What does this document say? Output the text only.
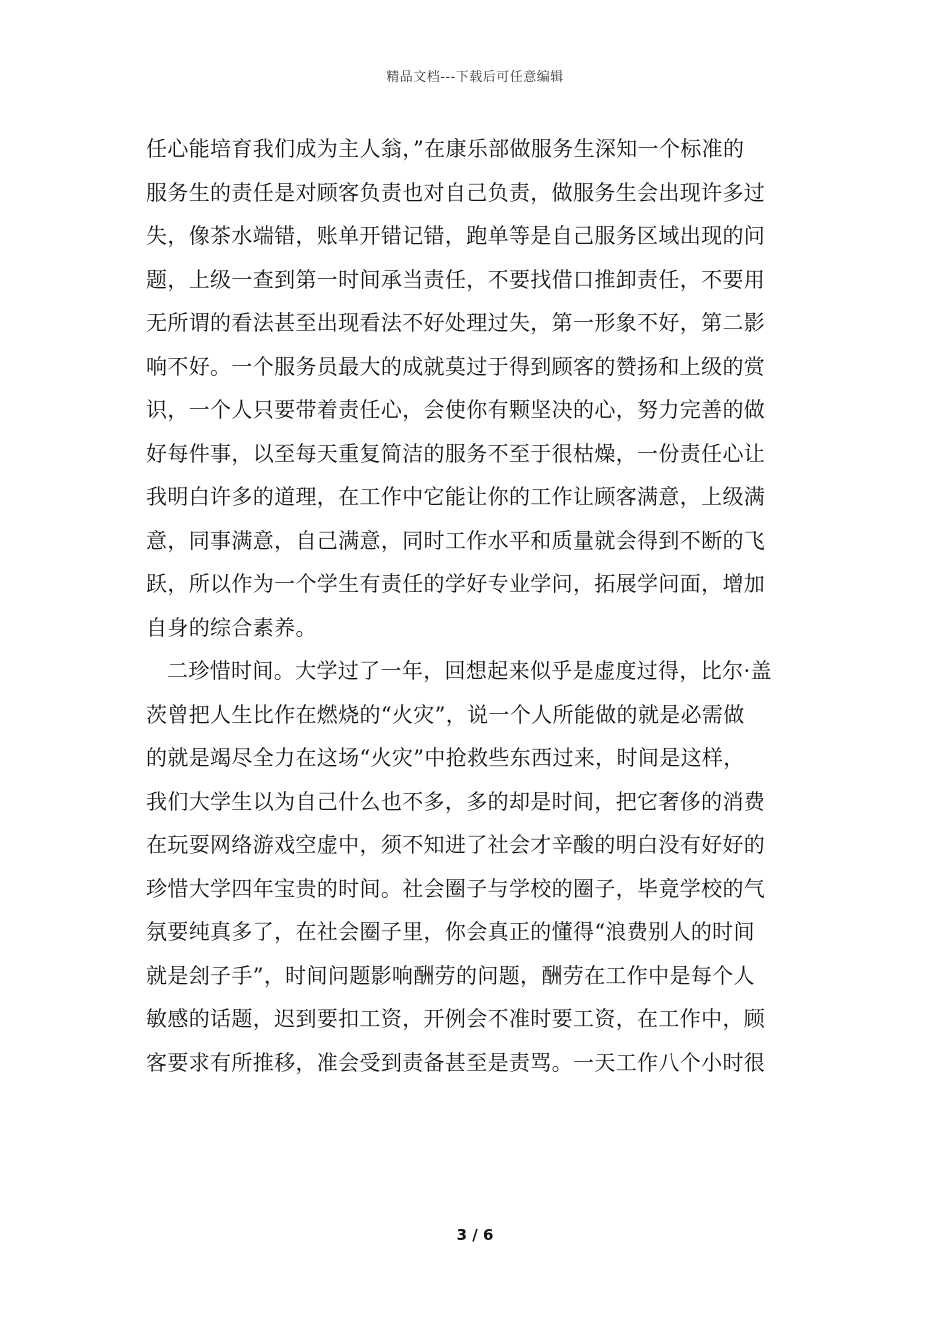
精品文档---下载后可任意编辑
任心能培育我们成为主人翁，”在康乐部做服务生深知一个标准的
服务生的责任是对顾客负责也对自己负责，做服务生会出现许多过
失，像茶水端错，账单开错记错，跑单等是自己服务区域出现的问
题，上级一查到第一时间承当责任，不要找借口推卸责任，不要用
无所谓的看法甚至出现看法不好处理过失，第一形象不好，第二影
响不好。一个服务员最大的成就莫过于得到顾客的赞扬和上级的赏
识，一个人只要带着责任心，会使你有颗坚决的心，努力完善的做
好每件事，以至每天重复简洁的服务不至于很枯燥，一份责任心让
我明白许多的道理，在工作中它能让你的工作让顾客满意，上级满
意，同事满意，自己满意，同时工作水平和质量就会得到不断的飞
跃，所以作为一个学生有责任的学好专业学问，拓展学问面，增加
自身的综合素养。
二珍惜时间。大学过了一年，回想起来似乎是虚度过得，比尔·盖
茨曾把人生比作在燃烧的“火灾”，说一个人所能做的就是必需做
的就是竭尽全力在这场“火灾”中抢救些东西过来，时间是这样，
我们大学生以为自己什么也不多，多的却是时间，把它奢侈的消费
在玩耍网络游戏空虚中，须不知进了社会才辛酸的明白没有好好的
珍惜大学四年宝贵的时间。社会圈子与学校的圈子，毕竟学校的气
氛要纯真多了，在社会圈子里，你会真正的懂得“浪费别人的时间
就是刽子手”，时间问题影响酬劳的问题，酬劳在工作中是每个人
敏感的话题，迟到要扣工资，开例会不准时要工资，在工作中，顾
客要求有所推移，准会受到责备甚至是责骂。一天工作八个小时很
3 / 6
